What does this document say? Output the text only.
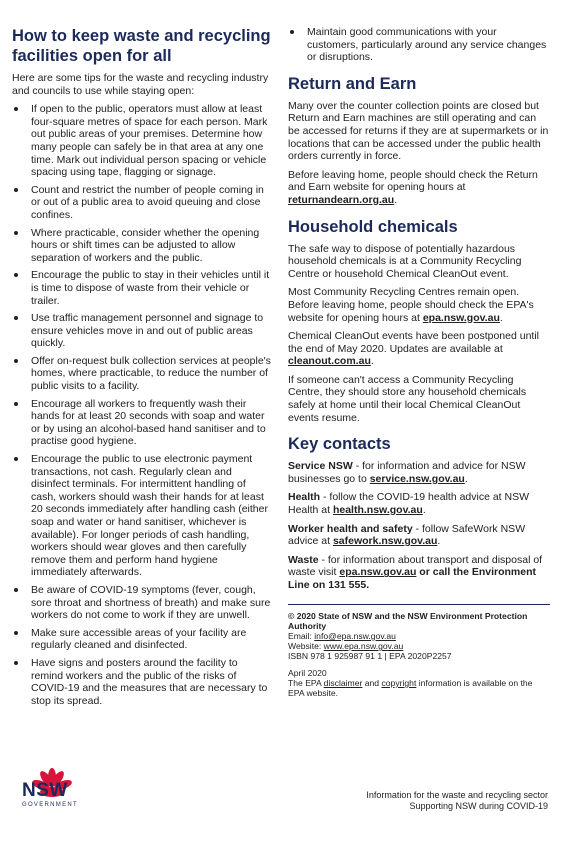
How to keep waste and recycling facilities open for all

Here are some tips for the waste and recycling industry and councils to use while staying open:

If open to the public, operators must allow at least four-square metres of space for each person. Mark out public areas of your premises. Determine how many people can safely be in that area at any one time. Mark out individual person spacing or vehicle spacing using tape, flagging or signage.
Count and restrict the number of people coming in or out of a public area to avoid queuing and close confines.
Where practicable, consider whether the opening hours or shift times can be adjusted to allow separation of workers and the public.
Encourage the public to stay in their vehicles until it is time to dispose of waste from their vehicle or trailer.
Use traffic management personnel and signage to ensure vehicles move in and out of public areas quickly.
Offer on-request bulk collection services at people's homes, where practicable, to reduce the number of public visits to a facility.
Encourage all workers to frequently wash their hands for at least 20 seconds with soap and water or by using an alcohol-based hand sanitiser and to practise good hygiene.
Encourage the public to use electronic payment transactions, not cash. Regularly clean and disinfect terminals. For intermittent handling of cash, workers should wash their hands for at least 20 seconds immediately after handling cash (either soap and water or hand sanitiser, whichever is available). For longer periods of cash handling, workers should wear gloves and then carefully remove them and perform hand hygiene immediately afterwards.
Be aware of COVID-19 symptoms (fever, cough, sore throat and shortness of breath) and make sure workers do not come to work if they are unwell.
Make sure accessible areas of your facility are regularly cleaned and disinfected.
Have signs and posters around the facility to remind workers and the public of the risks of COVID-19 and the measures that are necessary to stop its spread.
Maintain good communications with your customers, particularly around any service changes or disruptions.
Return and Earn

Many over the counter collection points are closed but Return and Earn machines are still operating and can be accessed for returns if they are at supermarkets or in locations that can be accessed under the public health orders currently in force.

Before leaving home, people should check the Return and Earn website for opening hours at returnandearn.org.au.

Household chemicals

The safe way to dispose of potentially hazardous household chemicals is at a Community Recycling Centre or household Chemical CleanOut event.

Most Community Recycling Centres remain open. Before leaving home, people should check the EPA's website for opening hours at epa.nsw.gov.au.

Chemical CleanOut events have been postponed until the end of May 2020. Updates are available at cleanout.com.au.

If someone can't access a Community Recycling Centre, they should store any household chemicals safely at home until their local Chemical CleanOut events resume.

Key contacts

Service NSW - for information and advice for NSW businesses go to service.nsw.gov.au.

Health - follow the COVID-19 health advice at NSW Health at health.nsw.gov.au.

Worker health and safety - follow SafeWork NSW advice at safework.nsw.gov.au.

Waste - for information about transport and disposal of waste visit epa.nsw.gov.au or call the Environment Line on 131 555.

© 2020 State of NSW and the NSW Environment Protection Authority

Email: info@epa.nsw.gov.au

Website: www.epa.nsw.gov.au

ISBN 978 1 925987 91 1 | EPA 2020P2257

April 2020

The EPA disclaimer and copyright information is available on the EPA website.

NSW
GOVERNMENT
Information for the waste and recycling sector
Supporting NSW during COVID-19
